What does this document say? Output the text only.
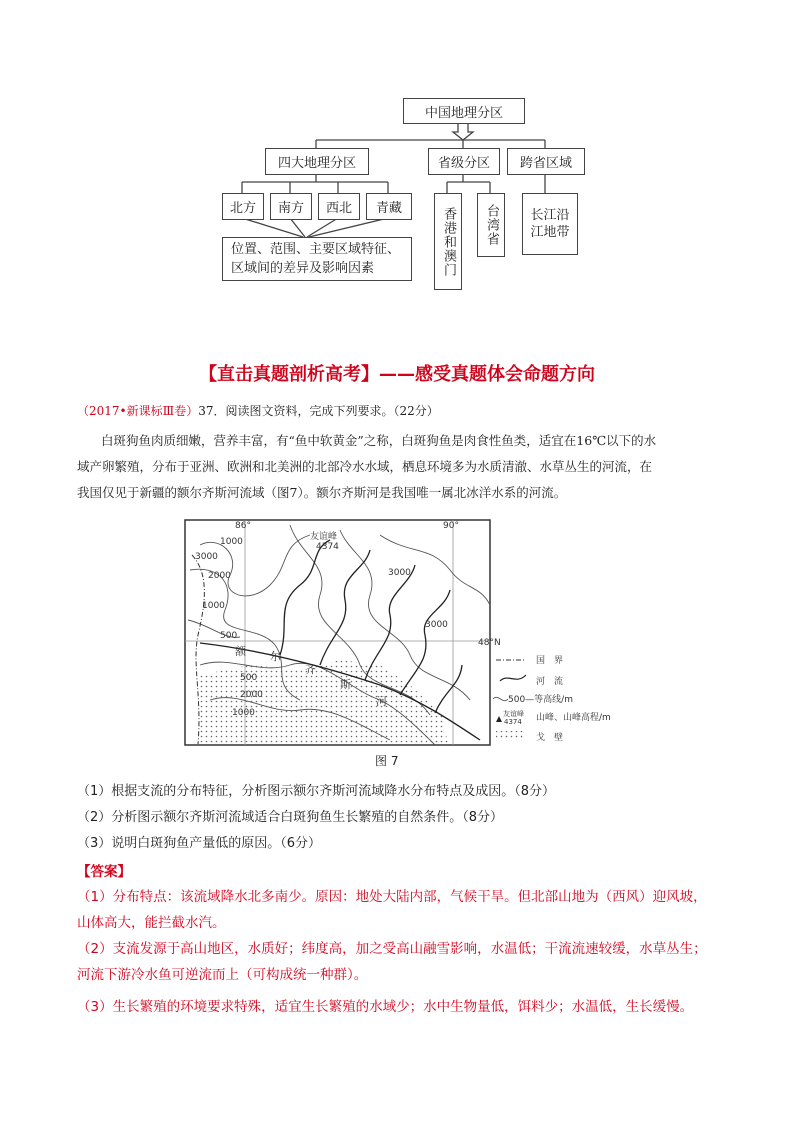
中国地理分区
四大地理分区	省级分区	跨省区域
北方	南方	西北	青藏
位置、范围、主要区域特征、
区域间的差异及影响因素	香港和澳门 台湾省 长江沿江地带
【直击真题剖析高考】——感受真题体会命题方向
（2017•新课标Ⅲ卷）37．阅读图文资料，完成下列要求。（22分）
白斑狗鱼肉质细嫩，营养丰富，有“鱼中软黄金”之称，白斑狗鱼是肉食性鱼类，适宜在16℃以下的水
域产卵繁殖，分布于亚洲、欧洲和北美洲的北部冷水水域，栖息环境多为水质清澈、水草丛生的河流，在
我国仅见于新疆的额尔齐斯河流域（图7）。额尔齐斯河是我国唯一属北冰洋水系的河流。
86°	90°
48°N
友谊峰
4374
1000
3000
2000
1000
500
3000
3000
500
2000
1000
额 尔
齐
斯
河
国　界
河　流
500—等高线/m
友谊峰
4374 山峰、山峰高程/m
戈　壁
图 7
（1）根据支流的分布特征，分析图示额尔齐斯河流域降水分布特点及成因。（8分）
（2）分析图示额尔齐斯河流域适合白斑狗鱼生长繁殖的自然条件。（8分）
（3）说明白斑狗鱼产量低的原因。（6分）
【答案】
（1）分布特点：该流域降水北多南少。原因：地处大陆内部，气候干旱。但北部山地为（西风）迎风坡，
山体高大，能拦截水汽。
（2）支流发源于高山地区，水质好；纬度高，加之受高山融雪影响，水温低；干流流速较缓，水草丛生；
河流下游冷水鱼可逆流而上（可构成统一种群）。
（3）生长繁殖的环境要求特殊，适宜生长繁殖的水域少；水中生物量低，饵料少；水温低，生长缓慢。
